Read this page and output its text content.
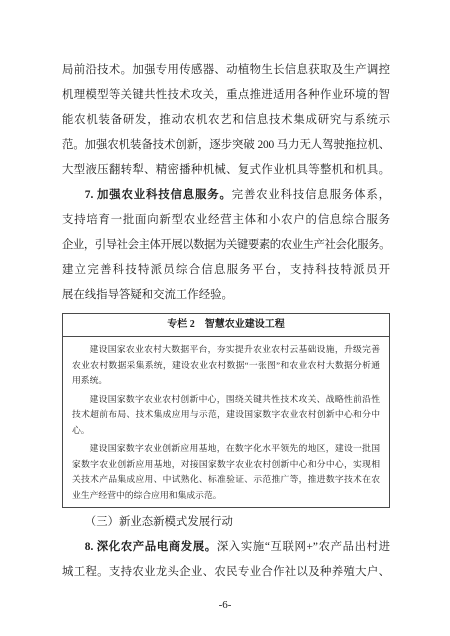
局前沿技术。加强专用传感器、动植物生长信息获取及生产调控
机理模型等关键共性技术攻关，重点推进适用各种作业环境的智
能农机装备研发，推动农机农艺和信息技术集成研究与系统示
范。加强农机装备技术创新，逐步突破 200 马力无人驾驶拖拉机、
大型液压翻转犁、精密播种机械、复式作业机具等整机和机具。
7. 加强农业科技信息服务。完善农业科技信息服务体系，
支持培育一批面向新型农业经营主体和小农户的信息综合服务
企业，引导社会主体开展以数据为关键要素的农业生产社会化服务。
建立完善科技特派员综合信息服务平台，支持科技特派员开
展在线指导答疑和交流工作经验。
专栏 2　智慧农业建设工程
建设国家农业农村大数据平台，夯实提升农业农村云基础设施，升级完善
农业农村数据采集系统，建设农业农村数据“一张图”和农业农村大数据分析通
用系统。
建设国家数字农业农村创新中心，围绕关键共性技术攻关、战略性前沿性
技术超前布局、技术集成应用与示范，建设国家数字农业农村创新中心和分中
心。
建设国家数字农业创新应用基地，在数字化水平领先的地区，建设一批国
家数字农业创新应用基地，对接国家数字农业农村创新中心和分中心，实现相
关技术产品集成应用、中试熟化、标准验证、示范推广等，推进数字技术在农
业生产经营中的综合应用和集成示范。
（三）新业态新模式发展行动
8. 深化农产品电商发展。深入实施“互联网+”农产品出村进
城工程。支持农业龙头企业、农民专业合作社以及种养殖大户、
-6-
